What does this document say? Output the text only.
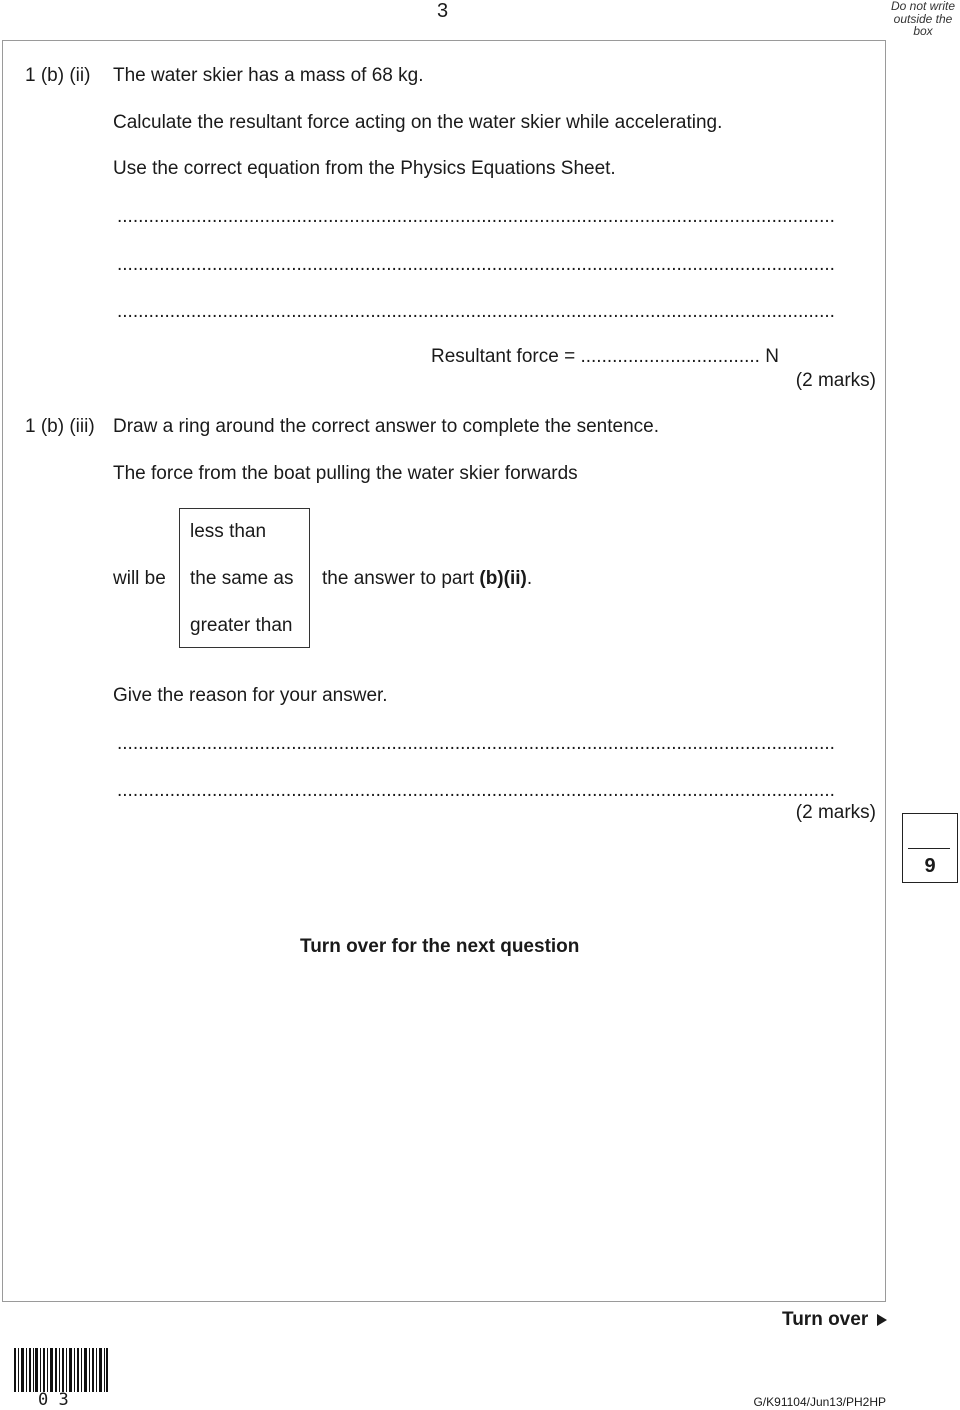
3	Do not write outside the box
1 (b) (ii) The water skier has a mass of 68 kg.
Calculate the resultant force acting on the water skier while accelerating.
Use the correct equation from the Physics Equations Sheet.
........................................................................................................................................
........................................................................................................................................
........................................................................................................................................
Resultant force = .................................. N
(2 marks)
1 (b) (iii) Draw a ring around the correct answer to complete the sentence.
The force from the boat pulling the water skier forwards
less than
will be the same as the answer to part (b)(ii).
greater than
Give the reason for your answer.
........................................................................................................................................
........................................................................................................................................
(2 marks)
9
Turn over for the next question
Turn over
0 3	G/K91104/Jun13/PH2HP
